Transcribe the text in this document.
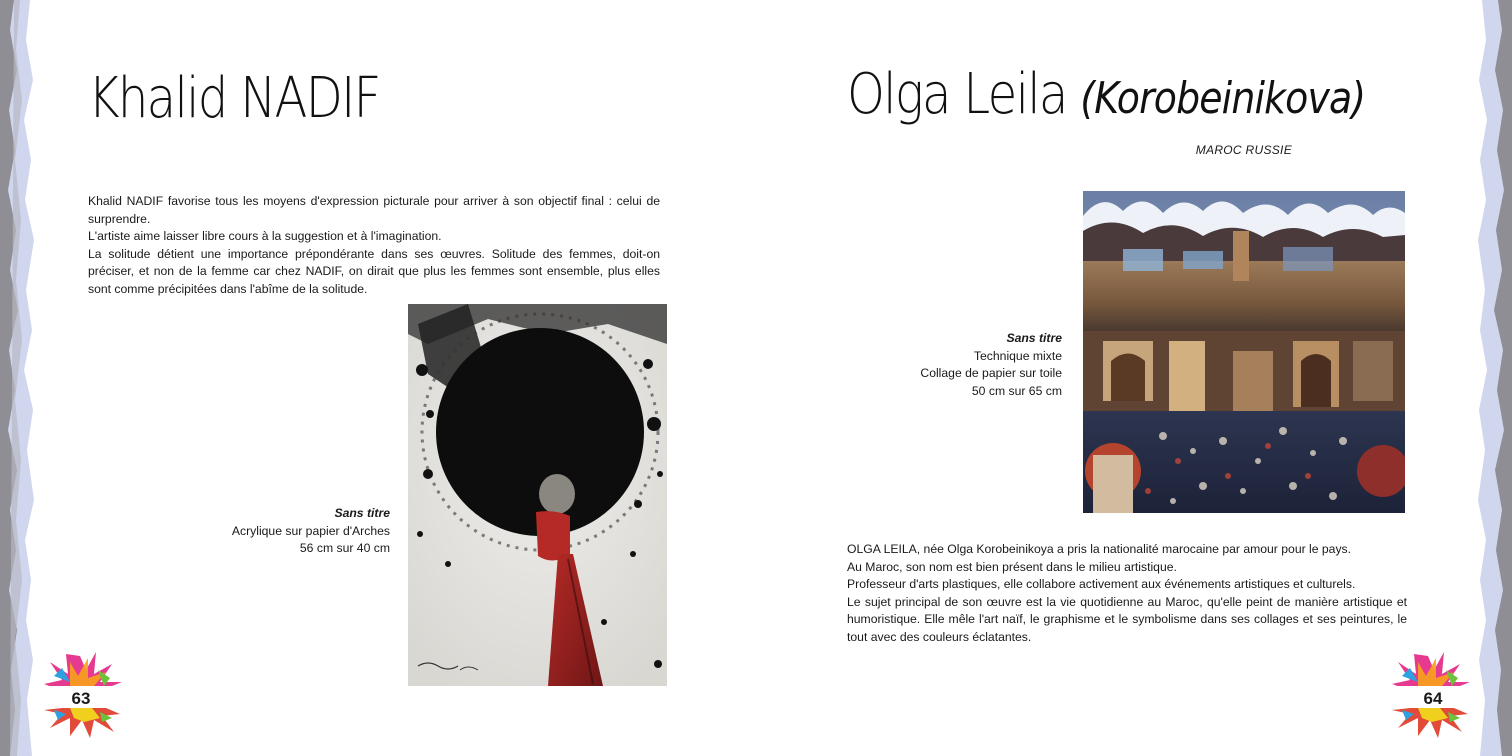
Khalid NADIF

Khalid NADIF favorise tous les moyens d'expression picturale pour arriver à son objectif final : celui de surprendre.

L'artiste aime laisser libre cours à la suggestion et à l'imagination.

La solitude détient une importance prépondérante dans ses œuvres. Solitude des femmes, doit-on préciser, et non de la femme car chez NADIF, on dirait que plus les femmes sont ensemble, plus elles sont comme précipitées dans l'abîme de la solitude.

Sans titre
Acrylique sur papier d'Arches
56 cm sur 40 cm
63
Olga Leila (Korobeinikova)
MAROC RUSSIE
Sans titre
Technique mixte
Collage de papier sur toile
50 cm sur 65 cm

OLGA LEILA, née Olga Korobeinikoya a pris la nationalité marocaine par amour pour le pays.

Au Maroc, son nom est bien présent dans le milieu artistique.

Professeur d'arts plastiques, elle collabore activement aux événements artistiques et culturels.

Le sujet principal de son œuvre est la vie quotidienne au Maroc, qu'elle peint de manière artistique et humoristique. Elle mêle l'art naïf, le graphisme et le symbolisme dans ses collages et ses peintures, le tout avec des couleurs éclatantes.

64
